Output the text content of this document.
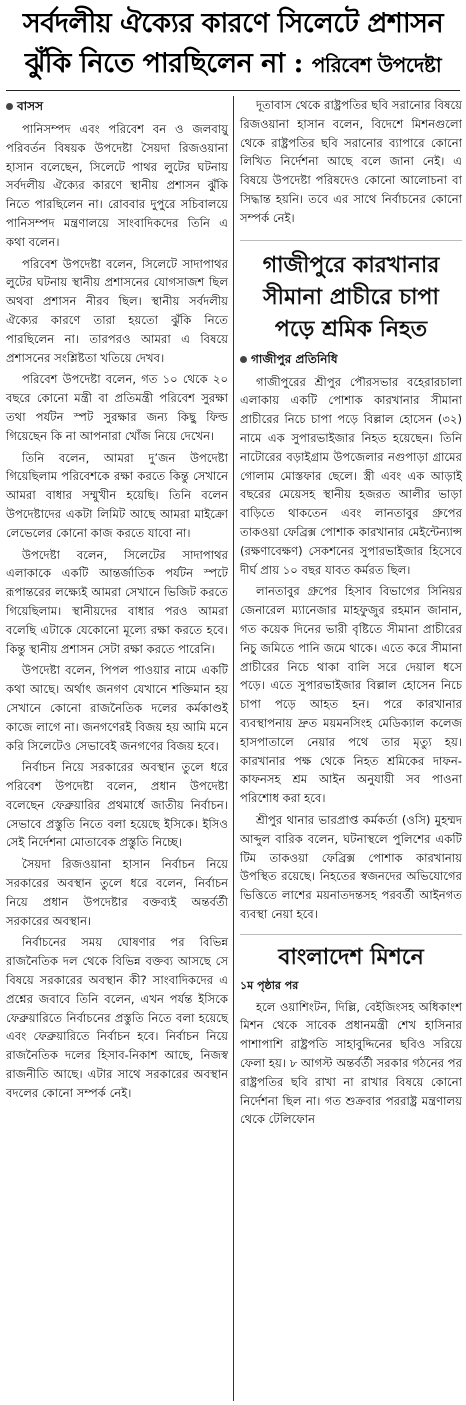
সর্বদলীয় ঐক্যের কারণে সিলেটে প্রশাসন
ঝুঁকি নিতে পারছিলেন না : পরিবেশ উপদেষ্টা
বাসস

পানিসম্পদ এবং পরিবেশ বন ও জলবায়ু পরিবর্তন বিষয়ক উপদেষ্টা সৈয়দা রিজওয়ানা হাসান বলেছেন, সিলেটে পাথর লুটের ঘটনায় সর্বদলীয় ঐক্যের কারণে স্থানীয় প্রশাসন ঝুঁকি নিতে পারছিলেন না। রোববার দুপুরে সচিবালয়ে পানিসম্পদ মন্ত্রণালয়ে সাংবাদিকদের তিনি এ কথা বলেন।

পরিবেশ উপদেষ্টা বলেন, সিলেটে সাদাপাথর লুটের ঘটনায় স্থানীয় প্রশাসনের যোগসাজশ ছিল অথবা প্রশাসন নীরব ছিল। স্থানীয় সর্বদলীয় ঐক্যের কারণে তারা হয়তো ঝুঁকি নিতে পারছিলেন না। তারপরও আমরা এ বিষয়ে প্রশাসনের সংশ্লিষ্টতা খতিয়ে দেখব।

পরিবেশ উপদেষ্টা বলেন, গত ১০ থেকে ২০ বছরে কোনো মন্ত্রী বা প্রতিমন্ত্রী পরিবেশ সুরক্ষা তথা পর্যটন স্পট সুরক্ষার জন্য কিছু ফিল্ড গিয়েছেন কি না আপনারা খোঁজ নিয়ে দেখেন।

তিনি বলেন, আমরা দু’জন উপদেষ্টা গিয়েছিলাম পরিবেশকে রক্ষা করতে কিন্তু সেখানে আমরা বাধার সম্মুখীন হয়েছি। তিনি বলেন উপদেষ্টাদের একটা লিমিট আছে আমরা মাইক্রো লেভেলের কোনো কাজ করতে যাবো না।

উপদেষ্টা বলেন, সিলেটের সাদাপাথর এলাকাকে একটি আন্তর্জাতিক পর্যটন স্পটে রূপান্তরের লক্ষ্যেই আমরা সেখানে ভিজিট করতে গিয়েছিলাম। স্থানীয়দের বাধার পরও আমরা বলেছি এটাকে যেকোনো মূল্যে রক্ষা করতে হবে। কিন্তু স্থানীয় প্রশাসন সেটা রক্ষা করতে পারেনি।

উপদেষ্টা বলেন, পিপল পাওয়ার নামে একটি কথা আছে। অর্থাৎ জনগণ যেখানে শক্তিমান হয় সেখানে কোনো রাজনৈতিক দলের কর্মকাণ্ডই কাজে লাগে না। জনগণেরই বিজয় হয় আমি মনে করি সিলেটেও সেভাবেই জনগণের বিজয় হবে।

নির্বাচন নিয়ে সরকারের অবস্থান তুলে ধরে পরিবেশ উপদেষ্টা বলেন, প্রধান উপদেষ্টা বলেছেন ফেব্রুয়ারির প্রথমার্ধে জাতীয় নির্বাচন। সেভাবে প্রস্তুতি নিতে বলা হয়েছে ইসিকে। ইসিও সেই নির্দেশনা মোতাবেক প্রস্তুতি নিচ্ছে।

সৈয়দা রিজওয়ানা হাসান নির্বাচন নিয়ে সরকারের অবস্থান তুলে ধরে বলেন, নির্বাচন নিয়ে প্রধান উপদেষ্টার বক্তব্যই অন্তর্বর্তী সরকারের অবস্থান।

নির্বাচনের সময় ঘোষণার পর বিভিন্ন রাজনৈতিক দল থেকে বিভিন্ন বক্তব্য আসছে সে বিষয়ে সরকারের অবস্থান কী? সাংবাদিকদের এ প্রশ্নের জবাবে তিনি বলেন, এখন পর্যন্ত ইসিকে ফেব্রুয়ারিতে নির্বাচনের প্রস্তুতি নিতে বলা হয়েছে এবং ফেব্রুয়ারিতে নির্বাচন হবে। নির্বাচন নিয়ে রাজনৈতিক দলের হিসাব-নিকাশ আছে, নিজস্ব রাজনীতি আছে। এটার সাথে সরকারের অবস্থান বদলের কোনো সম্পর্ক নেই।

দূতাবাস থেকে রাষ্ট্রপতির ছবি সরানোর বিষয়ে রিজওয়ানা হাসান বলেন, বিদেশে মিশনগুলো থেকে রাষ্ট্রপতির ছবি সরানোর ব্যাপারে কোনো লিখিত নির্দেশনা আছে বলে জানা নেই। এ বিষয়ে উপদেষ্টা পরিষদেও কোনো আলোচনা বা সিদ্ধান্ত হয়নি। তবে এর সাথে নির্বাচনের কোনো সম্পর্ক নেই।

গাজীপুরে কারখানার সীমানা প্রাচীরে চাপা পড়ে শ্রমিক নিহত
গাজীপুর প্রতিনিধি

গাজীপুরের শ্রীপুর পৌরসভার বহেরারচালা এলাকায় একটি পোশাক কারখানার সীমানা প্রাচীরের নিচে চাপা পড়ে বিল্লাল হোসেন (৩২) নামে এক সুপারভাইজার নিহত হয়েছেন। তিনি নাটোরের বড়াইগ্রাম উপজেলার নগুপাড়া গ্রামের গোলাম মোস্তফার ছেলে। স্ত্রী এবং এক আড়াই বছরের মেয়েসহ স্থানীয় হজরত আলীর ভাড়া বাড়িতে থাকতেন এবং লানতাবুর গ্রুপের তাকওয়া ফেব্রিক্স পোশাক কারখানার মেইন্টেন্যান্স (রক্ষণাবেক্ষণ) সেকশনের সুপারভাইজার হিসেবে দীর্ঘ প্রায় ১০ বছর যাবত কর্মরত ছিল।

লানতাবুর গ্রুপের হিসাব বিভাগের সিনিয়র জেনারেল ম্যানেজার মাহফুজুর রহমান জানান, গত কয়েক দিনের ভারী বৃষ্টিতে সীমানা প্রাচীরের নিচু জমিতে পানি জমে থাকে। এতে করে সীমানা প্রাচীরের নিচে থাকা বালি সরে দেয়াল ধসে পড়ে। এতে সুপারভাইজার বিল্লাল হোসেন নিচে চাপা পড়ে আহত হন। পরে কারখানার ব্যবস্থাপনায় দ্রুত ময়মনসিংহ মেডিক্যাল কলেজ হাসপাতালে নেয়ার পথে তার মৃত্যু হয়। কারখানার পক্ষ থেকে নিহত শ্রমিকের দাফন-কাফনসহ শ্রম আইন অনুযায়ী সব পাওনা পরিশোধ করা হবে।

শ্রীপুর থানার ভারপ্রাপ্ত কর্মকর্তা (ওসি) মুহম্মদ আব্দুল বারিক বলেন, ঘটনাস্থলে পুলিশের একটি টিম তাকওয়া ফেব্রিক্স পোশাক কারখানায় উপস্থিত রয়েছে। নিহতের স্বজনদের অভিযোগের ভিত্তিতে লাশের ময়নাতদন্তসহ পরবর্তী আইনগত ব্যবস্থা নেয়া হবে।

বাংলাদেশ মিশনে
১ম পৃষ্ঠার পর

হলে ওয়াশিংটন, দিল্লি, বেইজিংসহ অধিকাংশ মিশন থেকে সাবেক প্রধানমন্ত্রী শেখ হাসিনার পাশাপাশি রাষ্ট্রপতি সাহাবুদ্দিনের ছবিও সরিয়ে ফেলা হয়। ৮ আগস্ট অন্তর্বর্তী সরকার গঠনের পর রাষ্ট্রপতির ছবি রাখা না রাখার বিষয়ে কোনো নির্দেশনা ছিল না। গত শুক্রবার পররাষ্ট্র মন্ত্রণালয় থেকে টেলিফোন
